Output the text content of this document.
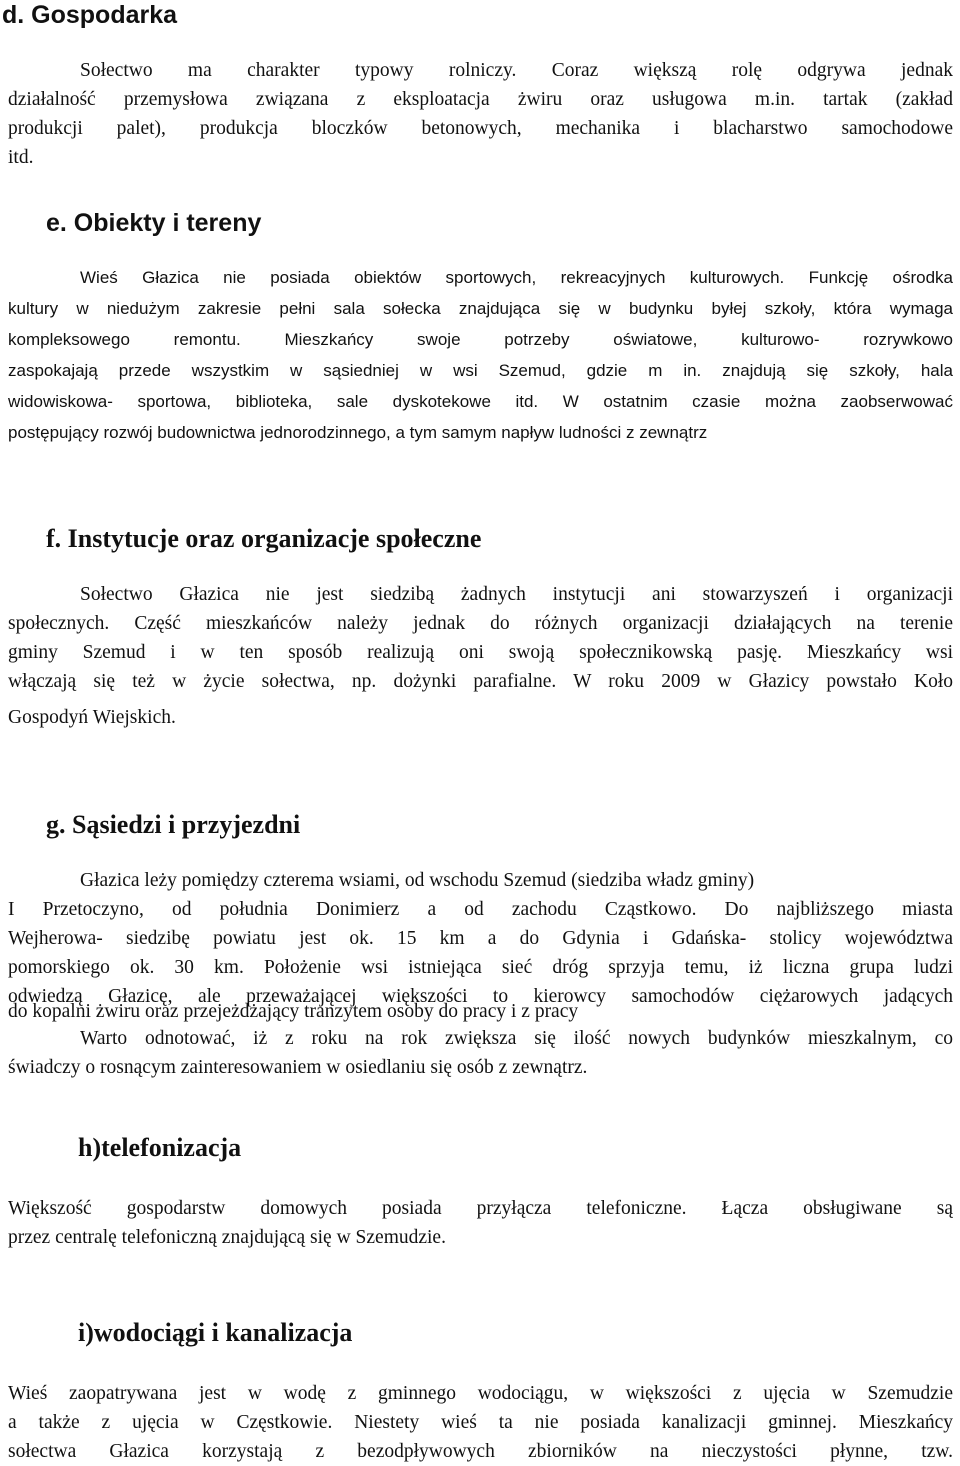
d. Gospodarka
Sołectwo ma charakter typowy rolniczy. Coraz większą rolę odgrywa jednak
działalność przemysłowa związana z eksploatacja żwiru oraz usługowa m.in. tartak (zakład
produkcji palet), produkcja bloczków betonowych, mechanika i blacharstwo samochodowe
itd.
e. Obiekty i tereny
Wieś Głazica nie posiada obiektów sportowych, rekreacyjnych kulturowych. Funkcję ośrodka
kultury w niedużym zakresie pełni sala sołecka znajdująca się w budynku byłej szkoły, która wymaga
kompleksowego remontu. Mieszkańcy swoje potrzeby oświatowe, kulturowo- rozrywkowo
zaspokajają przede wszystkim w sąsiedniej w wsi Szemud, gdzie m in. znajdują się szkoły, hala
widowiskowa- sportowa, biblioteka, sale dyskotekowe itd. W ostatnim czasie można zaobserwować
postępujący rozwój budownictwa jednorodzinnego, a tym samym napływ ludności z zewnątrz
f. Instytucje oraz organizacje społeczne
Sołectwo Głazica nie jest siedzibą żadnych instytucji ani stowarzyszeń i organizacji
społecznych. Część mieszkańców należy jednak do różnych organizacji działających na terenie
gminy Szemud i w ten sposób realizują oni swoją społecznikowską pasję. Mieszkańcy wsi
włączają się też w życie sołectwa, np. dożynki parafialne. W roku 2009 w Głazicy powstało Koło
Gospodyń Wiejskich.
g. Sąsiedzi i przyjezdni
Głazica leży pomiędzy czterema wsiami, od wschodu Szemud (siedziba władz gminy)
I Przetoczyno, od południa Donimierz a od zachodu Cząstkowo. Do najbliższego miasta
Wejherowa- siedzibę powiatu jest ok. 15 km a do Gdynia i Gdańska- stolicy województwa
pomorskiego ok. 30 km. Położenie wsi istniejąca sieć dróg sprzyja temu, iż liczna grupa ludzi
odwiedzą Głazicę, ale przeważającej większości to kierowcy samochodów ciężarowych jadących
do kopalni żwiru oraz przejeżdżający tranzytem osoby do pracy i z pracy
Warto odnotować, iż z roku na rok zwiększa się ilość nowych budynków mieszkalnym, co
świadczy o rosnącym zainteresowaniem w osiedlaniu się osób z zewnątrz.
h)telefonizacja
Większość gospodarstw domowych posiada przyłącza telefoniczne. Łącza obsługiwane są
przez centralę telefoniczną znajdującą się w Szemudzie.
i)wodociągi i kanalizacja
Wieś zaopatrywana jest w wodę z gminnego wodociągu, w większości z ujęcia w Szemudzie
a także z ujęcia w Częstkowie. Niestety wieś ta nie posiada kanalizacji gminnej. Mieszkańcy
sołectwa Głazica korzystają z bezodpływowych zbiorników na nieczystości płynne, tzw.
